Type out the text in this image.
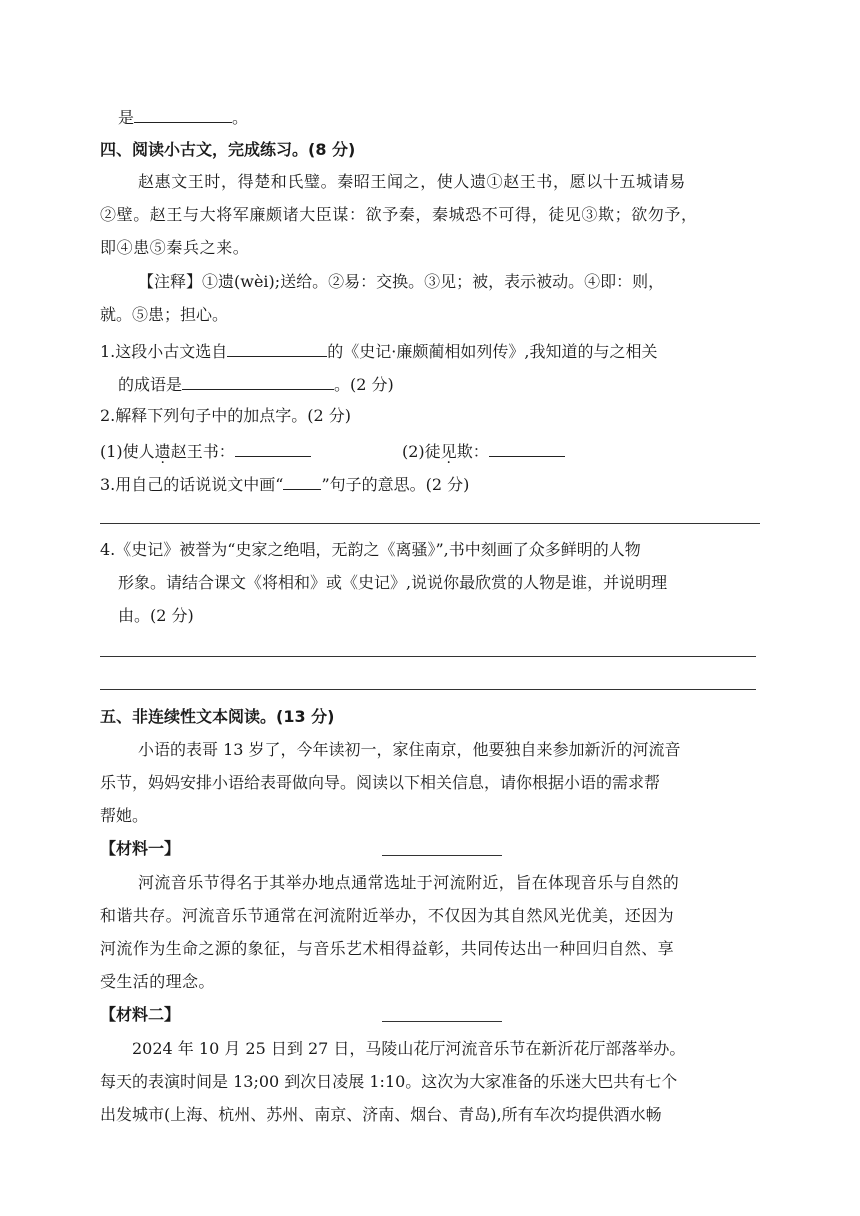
是	。
四、阅读小古文，完成练习。(8 分)
赵惠文王时，得楚和氏璧。秦昭王闻之，使人遗①赵王书，愿以十五城请易
②壁。赵王与大将军廉颇诸大臣谋：欲予秦，秦城恐不可得，徒见③欺；欲勿予，
即④患⑤秦兵之来。
【注释】①遗(wèi);送给。②易：交换。③见；被，表示被动。④即：则，
就。⑤患；担心。
1.这段小古文选自	的《史记·廉颇蔺相如列传》,我知道的与之相关
的成语是	。(2 分)
2.解释下列句子中的加点字。(2 分)
(1)使人遗赵王书：	(2)徒见欺：
3.用自己的话说说文中画“ ”句子的意思。(2 分)
4.《史记》被誉为“史家之绝唱，无韵之《离骚》”,书中刻画了众多鲜明的人物
形象。请结合课文《将相和》或《史记》,说说你最欣赏的人物是谁，并说明理
由。(2 分)
五、非连续性文本阅读。(13 分)
小语的表哥 13 岁了，今年读初一，家住南京，他要独自来参加新沂的河流音
乐节，妈妈安排小语给表哥做向导。阅读以下相关信息，请你根据小语的需求帮
帮她。
【材料一】
河流音乐节得名于其举办地点通常选址于河流附近，旨在体现音乐与自然的
和谐共存。河流音乐节通常在河流附近举办，不仅因为其自然风光优美，还因为
河流作为生命之源的象征，与音乐艺术相得益彰，共同传达出一种回归自然、享
受生活的理念。
【材料二】
2024 年 10 月 25 日到 27 日，马陵山花厅河流音乐节在新沂花厅部落举办。
每天的表演时间是 13;00 到次日凌展 1:10。这次为大家准备的乐迷大巴共有七个
出发城市(上海、杭州、苏州、南京、济南、烟台、青岛),所有车次均提供酒水畅
